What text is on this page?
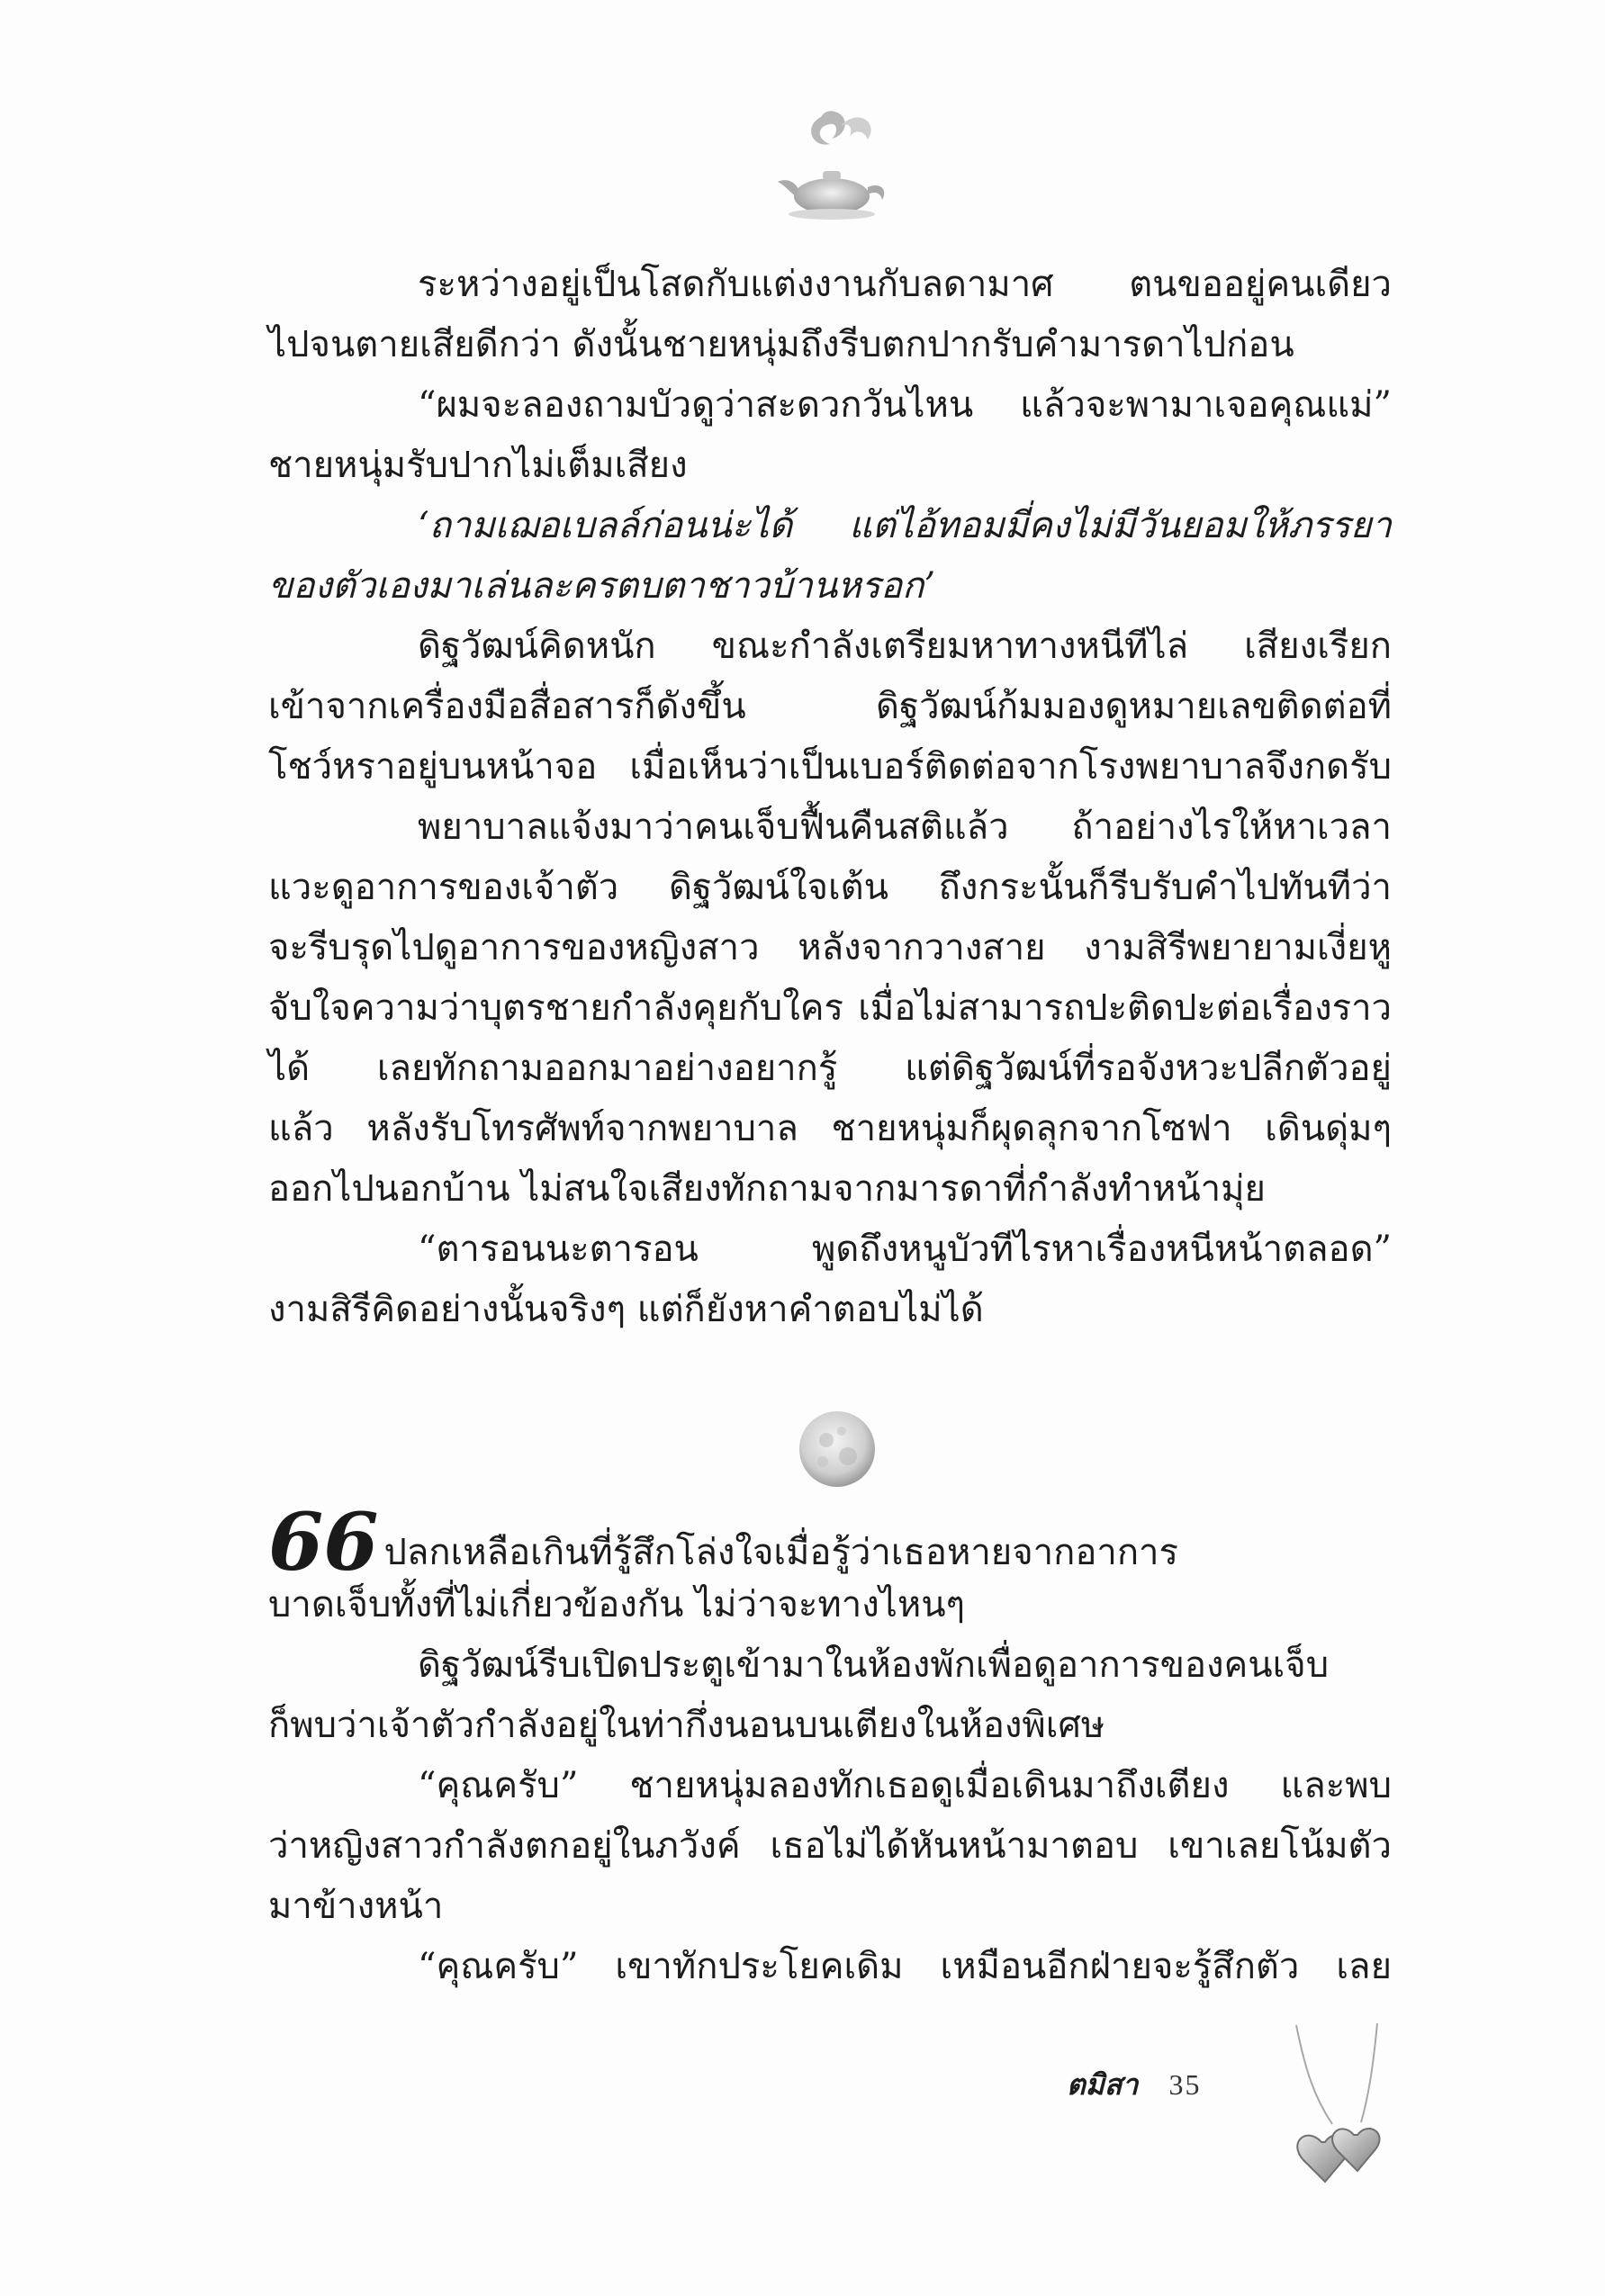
ระหว่างอยู่เป็นโสดกับแต่งงานกับลดามาศ ตนขออยู่คนเดียว
ไปจนตายเสียดีกว่า ดังนั้นชายหนุ่มถึงรีบตกปากรับคำมารดาไปก่อน
“ผมจะลองถามบัวดูว่าสะดวกวันไหน แล้วจะพามาเจอคุณแม่”
ชายหนุ่มรับปากไม่เต็มเสียง
‘ถามเฌอเบลล์ก่อนน่ะได้ แต่ไอ้ทอมมี่คงไม่มีวันยอมให้ภรรยา
ของตัวเองมาเล่นละครตบตาชาวบ้านหรอก’
ดิฐวัฒน์คิดหนัก ขณะกำลังเตรียมหาทางหนีทีไล่ เสียงเรียก
เข้าจากเครื่องมือสื่อสารก็ดังขึ้น ดิฐวัฒน์ก้มมองดูหมายเลขติดต่อที่
โชว์หราอยู่บนหน้าจอ เมื่อเห็นว่าเป็นเบอร์ติดต่อจากโรงพยาบาลจึงกดรับ
พยาบาลแจ้งมาว่าคนเจ็บฟื้นคืนสติแล้ว ถ้าอย่างไรให้หาเวลา
แวะดูอาการของเจ้าตัว ดิฐวัฒน์ใจเต้น ถึงกระนั้นก็รีบรับคำไปทันทีว่า
จะรีบรุดไปดูอาการของหญิงสาว หลังจากวางสาย งามสิรีพยายามเงี่ยหู
จับใจความว่าบุตรชายกำลังคุยกับใคร เมื่อไม่สามารถปะติดปะต่อเรื่องราว
ได้ เลยทักถามออกมาอย่างอยากรู้ แต่ดิฐวัฒน์ที่รอจังหวะปลีกตัวอยู่
แล้ว หลังรับโทรศัพท์จากพยาบาล ชายหนุ่มก็ผุดลุกจากโซฟา เดินดุ่มๆ
ออกไปนอกบ้าน ไม่สนใจเสียงทักถามจากมารดาที่กำลังทำหน้ามุ่ย
“ตารอนนะตารอน พูดถึงหนูบัวทีไรหาเรื่องหนีหน้าตลอด”
งามสิรีคิดอย่างนั้นจริงๆ แต่ก็ยังหาคำตอบไม่ได้
66 ปลกเหลือเกินที่รู้สึกโล่งใจเมื่อรู้ว่าเธอหายจากอาการ
บาดเจ็บทั้งที่ไม่เกี่ยวข้องกัน ไม่ว่าจะทางไหนๆ
ดิฐวัฒน์รีบเปิดประตูเข้ามาในห้องพักเพื่อดูอาการของคนเจ็บ
ก็พบว่าเจ้าตัวกำลังอยู่ในท่ากึ่งนอนบนเตียงในห้องพิเศษ
“คุณครับ” ชายหนุ่มลองทักเธอดูเมื่อเดินมาถึงเตียง และพบ
ว่าหญิงสาวกำลังตกอยู่ในภวังค์ เธอไม่ได้หันหน้ามาตอบ เขาเลยโน้มตัว
มาข้างหน้า
“คุณครับ” เขาทักประโยคเดิม เหมือนอีกฝ่ายจะรู้สึกตัว เลย
ตมิสา 35
